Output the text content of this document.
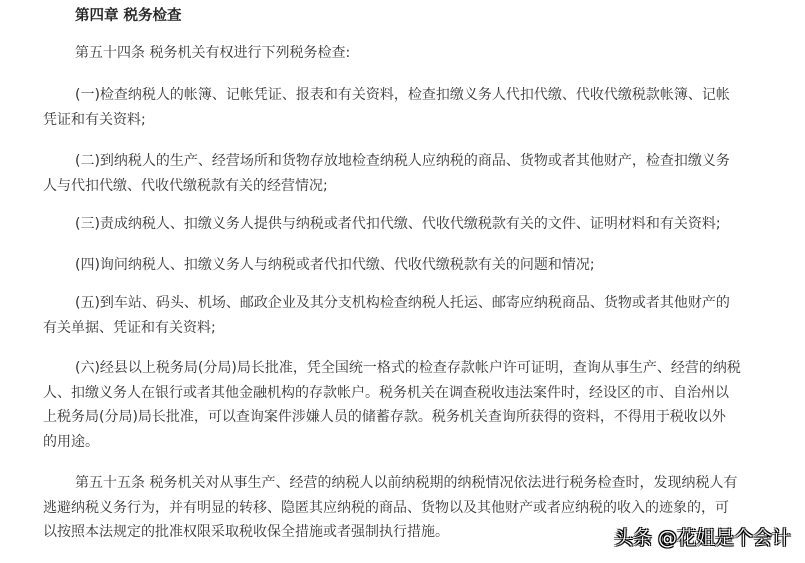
第四章 税务检查
第五十四条 税务机关有权进行下列税务检查:
(一)检查纳税人的帐簿、记帐凭证、报表和有关资料，检查扣缴义务人代扣代缴、代收代缴税款帐簿、记帐
凭证和有关资料;
(二)到纳税人的生产、经营场所和货物存放地检查纳税人应纳税的商品、货物或者其他财产，检查扣缴义务
人与代扣代缴、代收代缴税款有关的经营情况;
(三)责成纳税人、扣缴义务人提供与纳税或者代扣代缴、代收代缴税款有关的文件、证明材料和有关资料;
(四)询问纳税人、扣缴义务人与纳税或者代扣代缴、代收代缴税款有关的问题和情况;
(五)到车站、码头、机场、邮政企业及其分支机构检查纳税人托运、邮寄应纳税商品、货物或者其他财产的
有关单据、凭证和有关资料;
(六)经县以上税务局(分局)局长批准，凭全国统一格式的检查存款帐户许可证明，查询从事生产、经营的纳税
人、扣缴义务人在银行或者其他金融机构的存款帐户。税务机关在调查税收违法案件时，经设区的市、自治州以
上税务局(分局)局长批准，可以查询案件涉嫌人员的储蓄存款。税务机关查询所获得的资料，不得用于税收以外
的用途。
第五十五条 税务机关对从事生产、经营的纳税人以前纳税期的纳税情况依法进行税务检查时，发现纳税人有
逃避纳税义务行为，并有明显的转移、隐匿其应纳税的商品、货物以及其他财产或者应纳税的收入的迹象的，可
以按照本法规定的批准权限采取税收保全措施或者强制执行措施。	头条 @花姐是个会计
